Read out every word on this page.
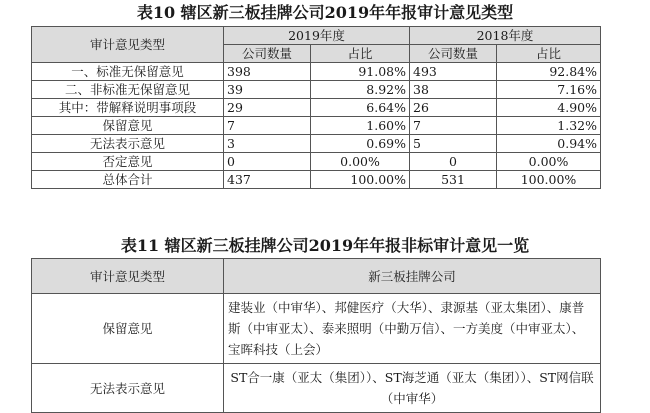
表10 辖区新三板挂牌公司2019年年报审计意见类型
审计意见类型	2019年度		2018年度	
	公司数量	占比	公司数量	占比
一、标准无保留意见	398	91.08%	493	92.84%
二、非标准无保留意见	39	8.92%	38	7.16%
其中：带解释说明事项段	29	6.64%	26	4.90%
保留意见	7	1.60%	7	1.32%
无法表示意见	3	0.69%	5	0.94%
否定意见	0	0.00%	0	0.00%
总体合计	437	100.00%	531	100.00%
表11 辖区新三板挂牌公司2019年年报非标审计意见一览
审计意见类型	新三板挂牌公司
保留意见	建装业（中审华）、邦健医疗（大华）、隶源基（亚太集团）、康普斯（中审亚太）、泰来照明（中勤万信）、一方美度（中审亚太）、宝晖科技（上会）
无法表示意见	ST合一康（亚太（集团））、ST海芝通（亚太（集团））、ST网信联（中审华）
